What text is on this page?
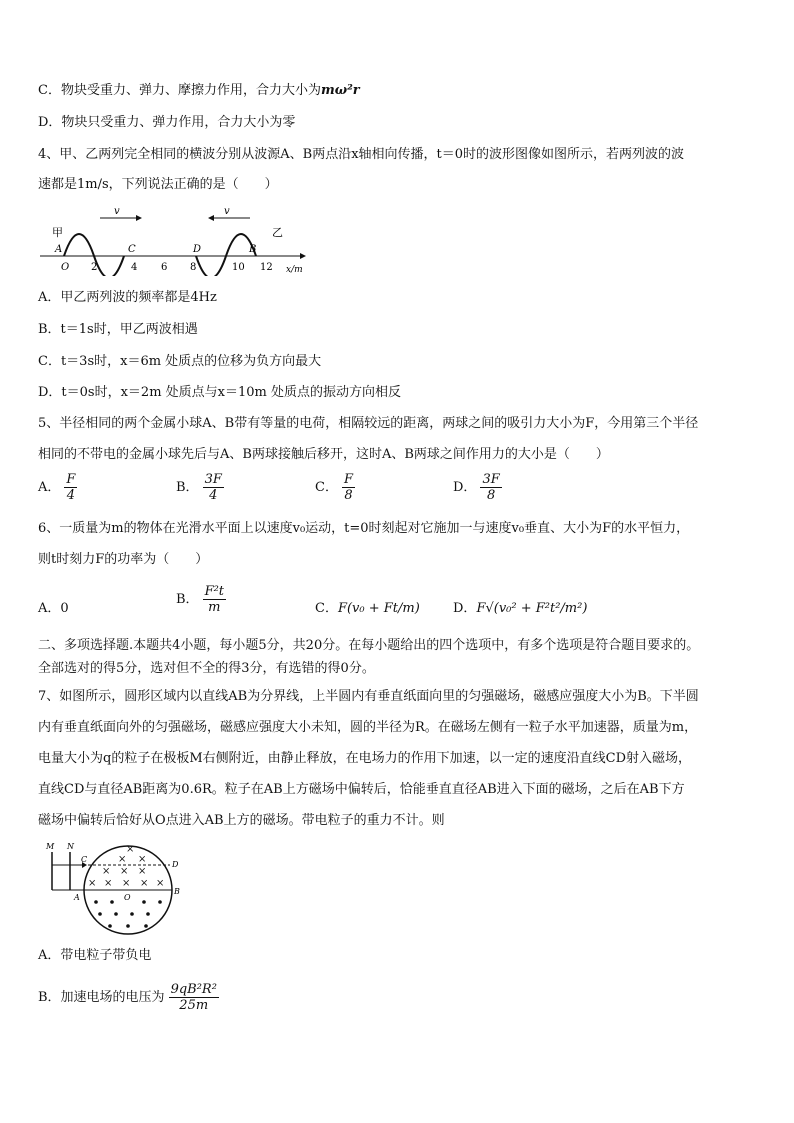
C．物块受重力、弹力、摩擦力作用，合力大小为mω²r
D．物块只受重力、弹力作用，合力大小为零
4、甲、乙两列完全相同的横波分别从波源A、B两点沿x轴相向传播，t＝0时的波形图像如图所示，若两列波的波
速都是1m/s，下列说法正确的是（　　）
v	v
甲	乙
A	C	D	B
O 2	4 6 8	10 12 x/m
A．甲乙两列波的频率都是4Hz
B．t＝1s时，甲乙两波相遇
C．t＝3s时，x＝6m 处质点的位移为负方向最大
D．t＝0s时，x＝2m 处质点与x＝10m 处质点的振动方向相反
5、半径相同的两个金属小球A、B带有等量的电荷，相隔较远的距离，两球之间的吸引力大小为F，今用第三个半径
相同的不带电的金属小球先后与A、B两球接触后移开，这时A、B两球之间作用力的大小是（　　）
A． $\frac{F}{4}$	B． $\frac{3F}{4}$	C． $\frac{F}{8}$	D． $\frac{3F}{8}$
6、一质量为m的物体在光滑水平面上以速度v₀运动，t=0时刻起对它施加一与速度v₀垂直、大小为F的水平恒力，
则t时刻力F的功率为（　　）
A．0
B． $\frac{\text{F²t}}{m}$	C．F(v₀ + Ft/m)	D．F√(v₀² + F²t²/m²)
二、多项选择题.本题共4小题，每小题5分，共20分。在每小题给出的四个选项中，有多个选项是符合题目要求的。
全部选对的得5分，选对但不全的得3分，有选错的得0分。
7、如图所示，圆形区域内以直线AB为分界线，上半圆内有垂直纸面向里的匀强磁场，磁感应强度大小为B。下半圆
内有垂直纸面向外的匀强磁场，磁感应强度大小未知，圆的半径为R。在磁场左侧有一粒子水平加速器，质量为m，
电量大小为q的粒子在极板M右侧附近，由静止释放，在电场力的作用下加速，以一定的速度沿直线CD射入磁场，
直线CD与直径AB距离为0.6R。粒子在AB上方磁场中偏转后，恰能垂直直径AB进入下面的磁场，之后在AB下方
磁场中偏转后恰好从O点进入AB上方的磁场。带电粒子的重力不计。则
M N
C
D
A
B
O
× ×
× × ×
× × × × ×
×
A．带电粒子带负电
B．加速电场的电压为 $\frac{\text{9qB²R²}}{25m}$
